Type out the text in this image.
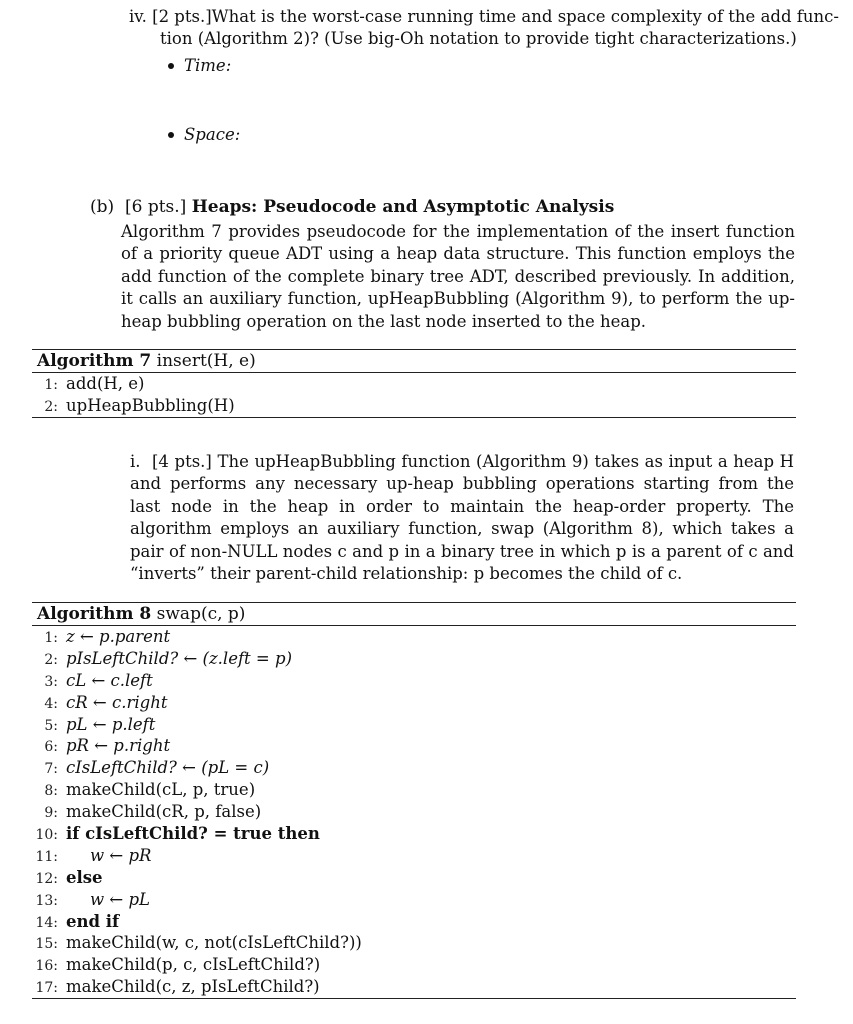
iv. [2 pts.]What is the worst-case running time and space complexity of the add func-
tion (Algorithm 2)? (Use big-Oh notation to provide tight characterizations.)
Time:
Space:
(b) [6 pts.] Heaps: Pseudocode and Asymptotic Analysis
Algorithm 7 provides pseudocode for the implementation of the insert function of a priority queue ADT using a heap data structure. This function employs the add function of the complete binary tree ADT, described previously. In addition, it calls an auxiliary function, upHeapBubbling (Algorithm 9), to perform the up-heap bubbling operation on the last node inserted to the heap.
Algorithm 7 insert(H, e)
1: add(H, e)
2: upHeapBubbling(H)
i. [4 pts.] The upHeapBubbling function (Algorithm 9) takes as input a heap H and performs any necessary up-heap bubbling operations starting from the last node in the heap in order to maintain the heap-order property. The algorithm employs an auxiliary function, swap (Algorithm 8), which takes a pair of non-NULL nodes c and p in a binary tree in which p is a parent of c and “inverts” their parent-child relationship: p becomes the child of c.
Algorithm 8 swap(c, p)
1: z ← p.parent
2: pIsLeftChild? ← (z.left = p)
3: cL ← c.left
4: cR ← c.right
5: pL ← p.left
6: pR ← p.right
7: cIsLeftChild? ← (pL = c)
8: makeChild(cL, p, true)
9: makeChild(cR, p, false)
10: if cIsLeftChild? = true then
11: w ← pR
12: else
13: w ← pL
14: end if
15: makeChild(w, c, not(cIsLeftChild?))
16: makeChild(p, c, cIsLeftChild?)
17: makeChild(c, z, pIsLeftChild?)
